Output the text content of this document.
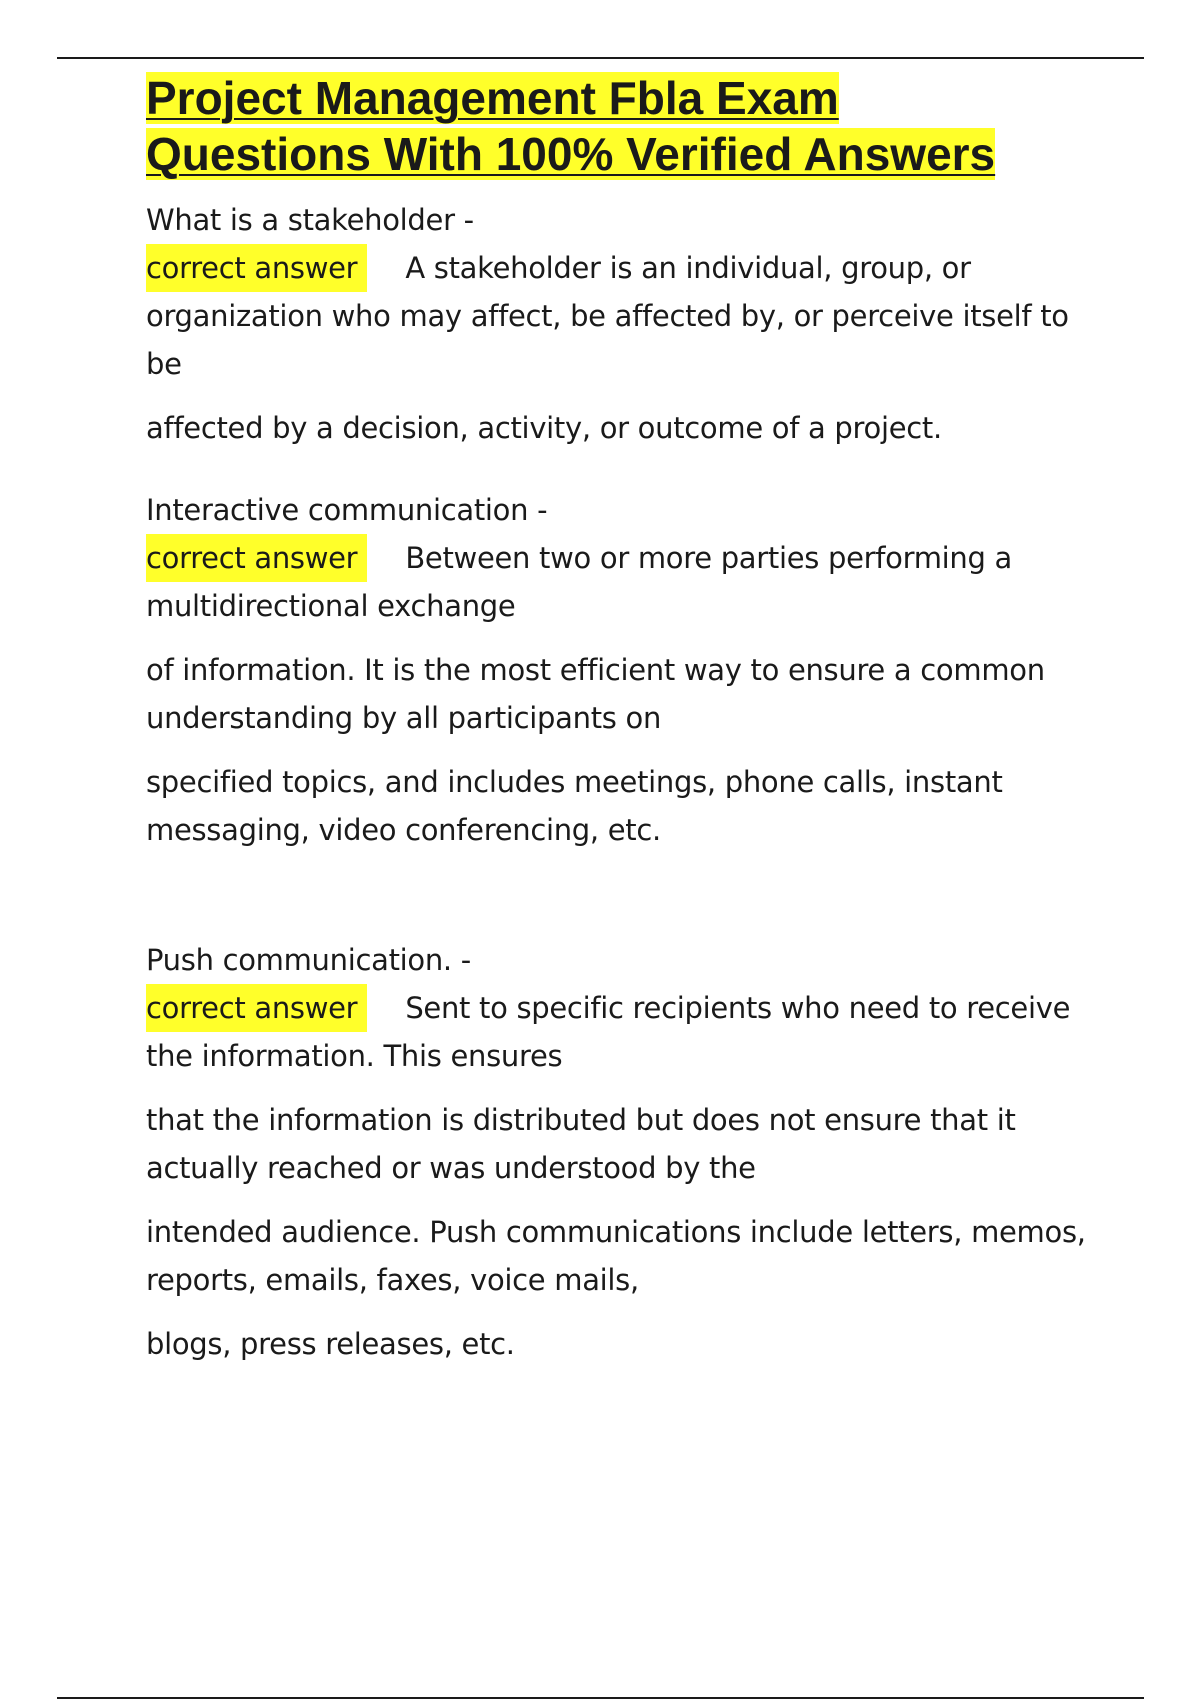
Project Management Fbla Exam
Questions With 100% Verified Answers

What is a stakeholder -

correct answer A stakeholder is an individual, group, or organization who may affect, be affected by, or perceive itself to be

affected by a decision, activity, or outcome of a project.

Interactive communication -

correct answer Between two or more parties performing a multidirectional exchange

of information. It is the most efficient way to ensure a common understanding by all participants on

specified topics, and includes meetings, phone calls, instant messaging, video conferencing, etc.

Push communication. -

correct answer Sent to specific recipients who need to receive the information. This ensures

that the information is distributed but does not ensure that it actually reached or was understood by the

intended audience. Push communications include letters, memos, reports, emails, faxes, voice mails,

blogs, press releases, etc.
